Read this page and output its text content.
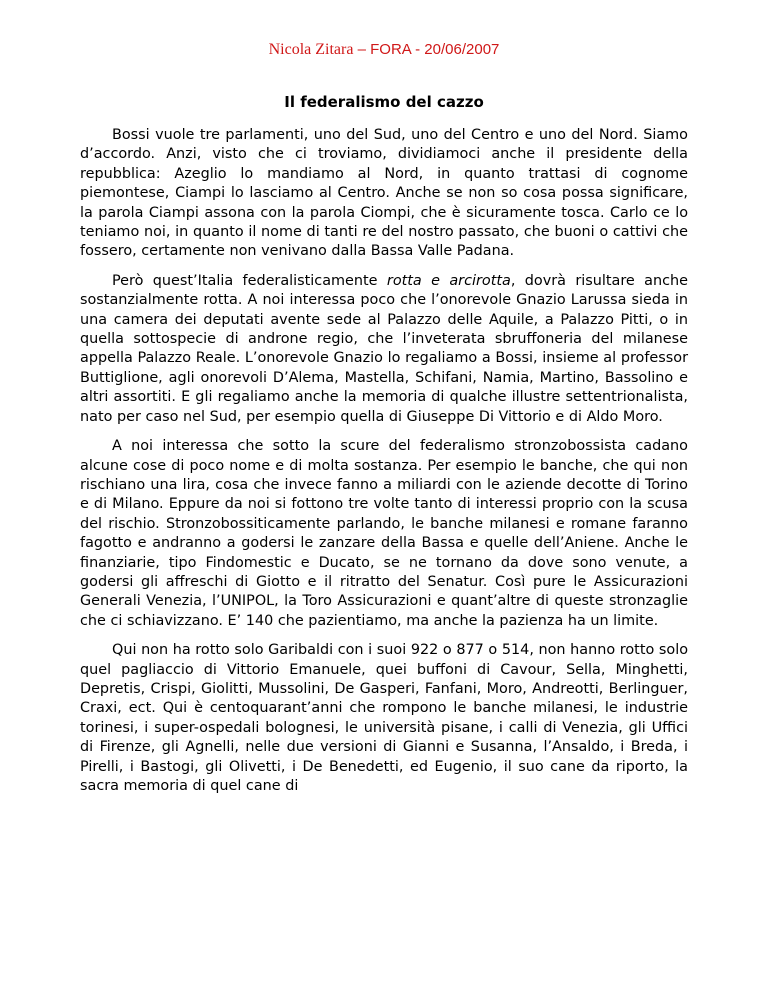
Nicola Zitara – FORA - 20/06/2007
Il federalismo del cazzo

Bossi vuole tre parlamenti, uno del Sud, uno del Centro e uno del Nord. Siamo d’accordo. Anzi, visto che ci troviamo, dividiamoci anche il presidente della repubblica: Azeglio lo mandiamo al Nord, in quanto trattasi di cognome piemontese, Ciampi lo lasciamo al Centro. Anche se non so cosa possa significare, la parola Ciampi assona con la parola Ciompi, che è sicuramente tosca. Carlo ce lo teniamo noi, in quanto il nome di tanti re del nostro passato, che buoni o cattivi che fossero, certamente non venivano dalla Bassa Valle Padana.

Però quest’Italia federalisticamente rotta e arcirotta, dovrà risultare anche sostanzialmente rotta. A noi interessa poco che l’onorevole Gnazio Larussa sieda in una camera dei deputati avente sede al Palazzo delle Aquile, a Palazzo Pitti, o in quella sottospecie di androne regio, che l’inveterata sbruffoneria del milanese appella Palazzo Reale. L’onorevole Gnazio lo regaliamo a Bossi, insieme al professor Buttiglione, agli onorevoli D’Alema, Mastella, Schifani, Namia, Martino, Bassolino e altri assortiti. E gli regaliamo anche la memoria di qualche illustre settentrionalista, nato per caso nel Sud, per esempio quella di Giuseppe Di Vittorio e di Aldo Moro.

A noi interessa che sotto la scure del federalismo stronzobossista cadano alcune cose di poco nome e di molta sostanza. Per esempio le banche, che qui non rischiano una lira, cosa che invece fanno a miliardi con le aziende decotte di Torino e di Milano. Eppure da noi si fottono tre volte tanto di interessi proprio con la scusa del rischio. Stronzobossiticamente parlando, le banche milanesi e romane faranno fagotto e andranno a godersi le zanzare della Bassa e quelle dell’Aniene. Anche le finanziarie, tipo Findomestic e Ducato, se ne tornano da dove sono venute, a godersi gli affreschi di Giotto e il ritratto del Senatur. Così pure le Assicurazioni Generali Venezia, l’UNIPOL, la Toro Assicurazioni e quant’altre di queste stronzaglie che ci schiavizzano. E’ 140 che pazientiamo, ma anche la pazienza ha un limite.

Qui non ha rotto solo Garibaldi con i suoi 922 o 877 o 514, non hanno rotto solo quel pagliaccio di Vittorio Emanuele, quei buffoni di Cavour, Sella, Minghetti, Depretis, Crispi, Giolitti, Mussolini, De Gasperi, Fanfani, Moro, Andreotti, Berlinguer, Craxi, ect. Qui è centoquarant’anni che rompono le banche milanesi, le industrie torinesi, i super-ospedali bolognesi, le università pisane, i calli di Venezia, gli Uffici di Firenze, gli Agnelli, nelle due versioni di Gianni e Susanna, l’Ansaldo, i Breda, i Pirelli, i Bastogi, gli Olivetti, i De Benedetti, ed Eugenio, il suo cane da riporto, la sacra memoria di quel cane di
